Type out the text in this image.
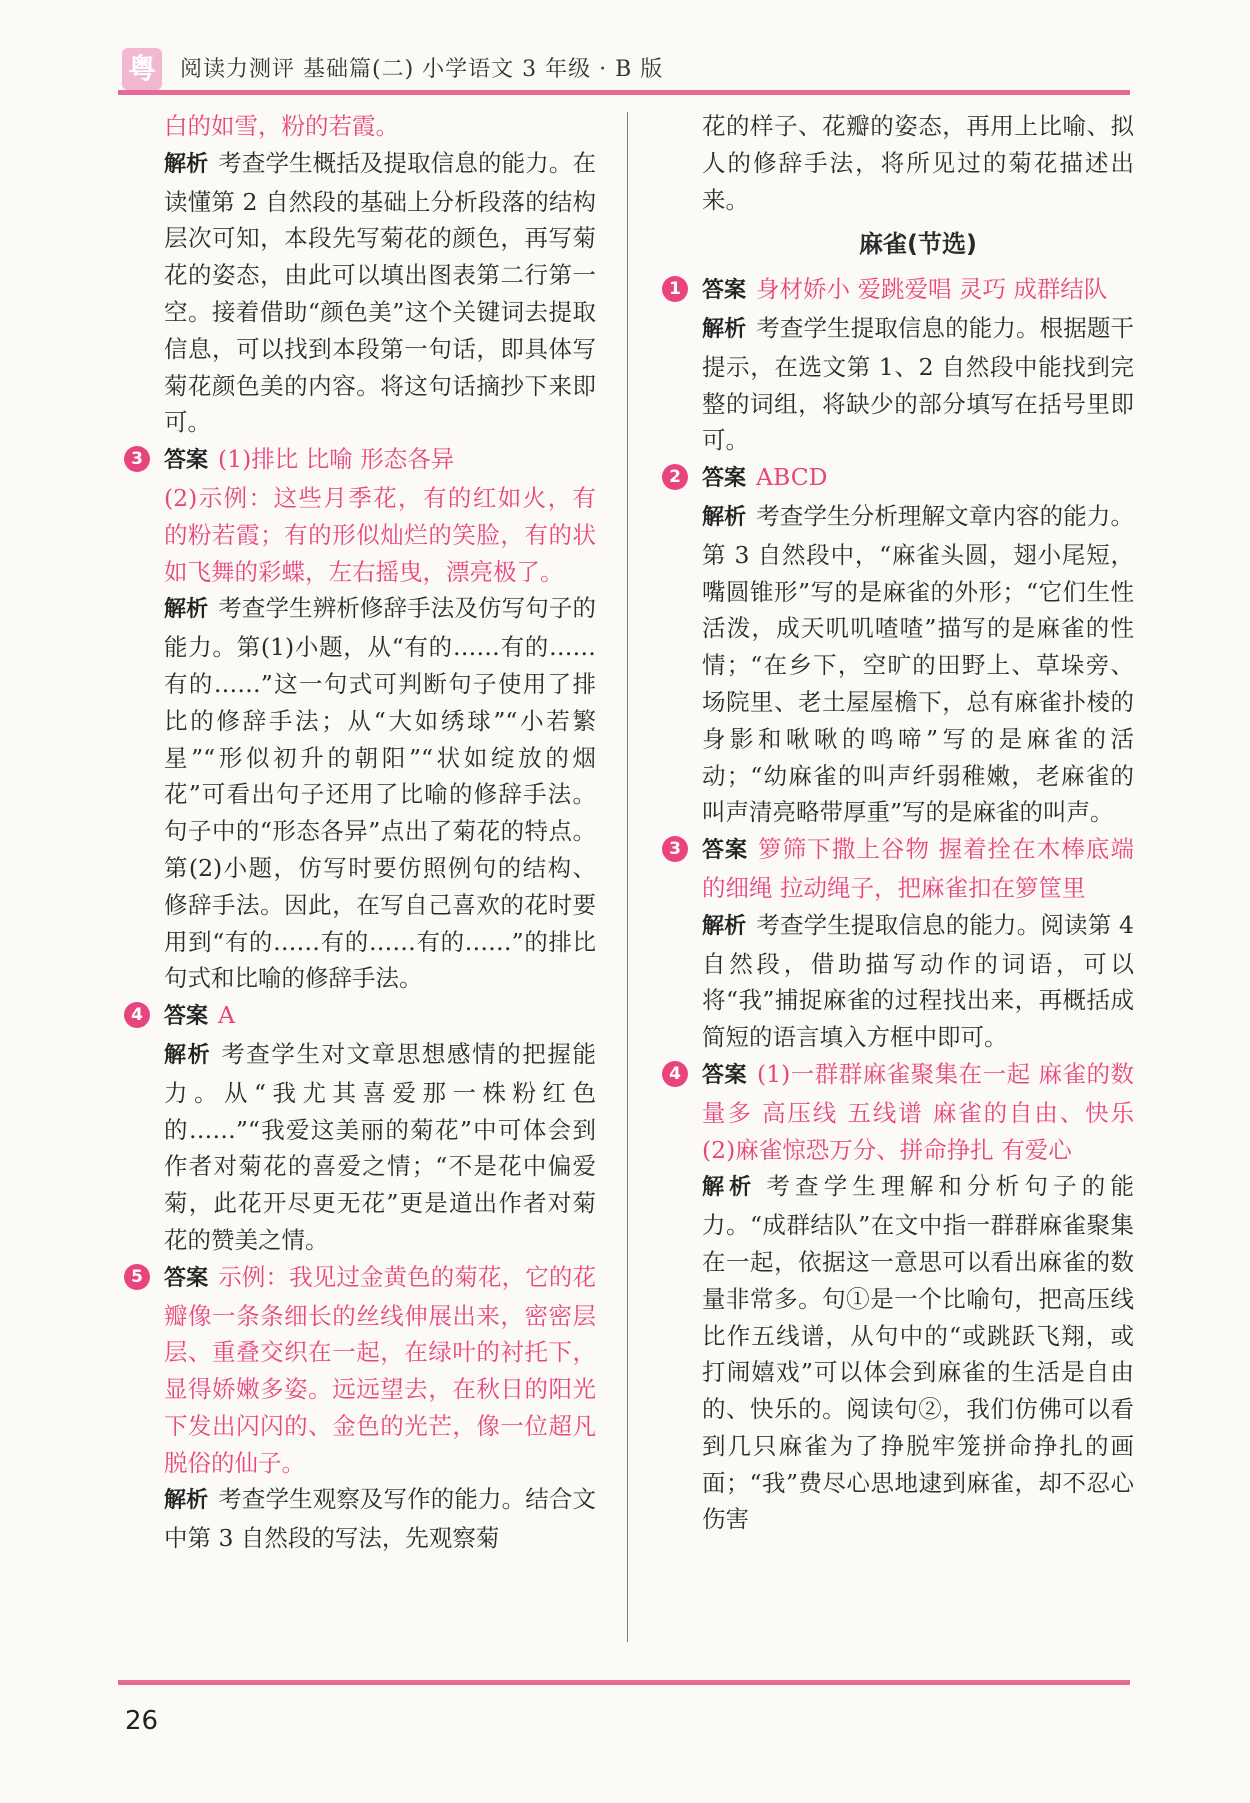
粤 阅读力测评 基础篇(二) 小学语文 3 年级 · B 版

白的如雪，粉的若霞。

解析 考查学生概括及提取信息的能力。在读懂第 2 自然段的基础上分析段落的结构层次可知，本段先写菊花的颜色，再写菊花的姿态，由此可以填出图表第二行第一空。接着借助“颜色美”这个关键词去提取信息，可以找到本段第一句话，即具体写菊花颜色美的内容。将这句话摘抄下来即可。

3 答案 (1)排比 比喻 形态各异

(2)示例：这些月季花，有的红如火，有的粉若霞；有的形似灿烂的笑脸，有的状如飞舞的彩蝶，左右摇曳，漂亮极了。

解析 考查学生辨析修辞手法及仿写句子的能力。第(1)小题，从“有的……有的……有的……”这一句式可判断句子使用了排比的修辞手法；从“大如绣球”“小若繁星”“形似初升的朝阳”“状如绽放的烟花”可看出句子还用了比喻的修辞手法。句子中的“形态各异”点出了菊花的特点。第(2)小题，仿写时要仿照例句的结构、修辞手法。因此，在写自己喜欢的花时要用到“有的……有的……有的……”的排比句式和比喻的修辞手法。

4 答案 A

解析 考查学生对文章思想感情的把握能力。从“我尤其喜爱那一株粉红色的……”“我爱这美丽的菊花”中可体会到作者对菊花的喜爱之情；“不是花中偏爱菊，此花开尽更无花”更是道出作者对菊花的赞美之情。

5 答案 示例：我见过金黄色的菊花，它的花瓣像一条条细长的丝线伸展出来，密密层层、重叠交织在一起，在绿叶的衬托下，显得娇嫩多姿。远远望去，在秋日的阳光下发出闪闪的、金色的光芒，像一位超凡脱俗的仙子。

解析 考查学生观察及写作的能力。结合文中第 3 自然段的写法，先观察菊

花的样子、花瓣的姿态，再用上比喻、拟人的修辞手法，将所见过的菊花描述出来。

麻雀(节选)
1 答案 身材娇小 爱跳爱唱 灵巧 成群结队

解析 考查学生提取信息的能力。根据题干提示，在选文第 1、2 自然段中能找到完整的词组，将缺少的部分填写在括号里即可。

2 答案 ABCD

解析 考查学生分析理解文章内容的能力。第 3 自然段中，“麻雀头圆，翅小尾短，嘴圆锥形”写的是麻雀的外形；“它们生性活泼，成天叽叽喳喳”描写的是麻雀的性情；“在乡下，空旷的田野上、草垛旁、场院里、老土屋屋檐下，总有麻雀扑棱的身影和啾啾的鸣啼”写的是麻雀的活动；“幼麻雀的叫声纤弱稚嫩，老麻雀的叫声清亮略带厚重”写的是麻雀的叫声。

3 答案 箩筛下撒上谷物 握着拴在木棒底端的细绳 拉动绳子，把麻雀扣在箩筐里

解析 考查学生提取信息的能力。阅读第 4 自然段，借助描写动作的词语，可以将“我”捕捉麻雀的过程找出来，再概括成简短的语言填入方框中即可。

4 答案 (1)一群群麻雀聚集在一起 麻雀的数量多 高压线 五线谱 麻雀的自由、快乐 (2)麻雀惊恐万分、拼命挣扎 有爱心

解析 考查学生理解和分析句子的能力。“成群结队”在文中指一群群麻雀聚集在一起，依据这一意思可以看出麻雀的数量非常多。句①是一个比喻句，把高压线比作五线谱，从句中的“或跳跃飞翔，或打闹嬉戏”可以体会到麻雀的生活是自由的、快乐的。阅读句②，我们仿佛可以看到几只麻雀为了挣脱牢笼拼命挣扎的画面；“我”费尽心思地逮到麻雀，却不忍心伤害

26
